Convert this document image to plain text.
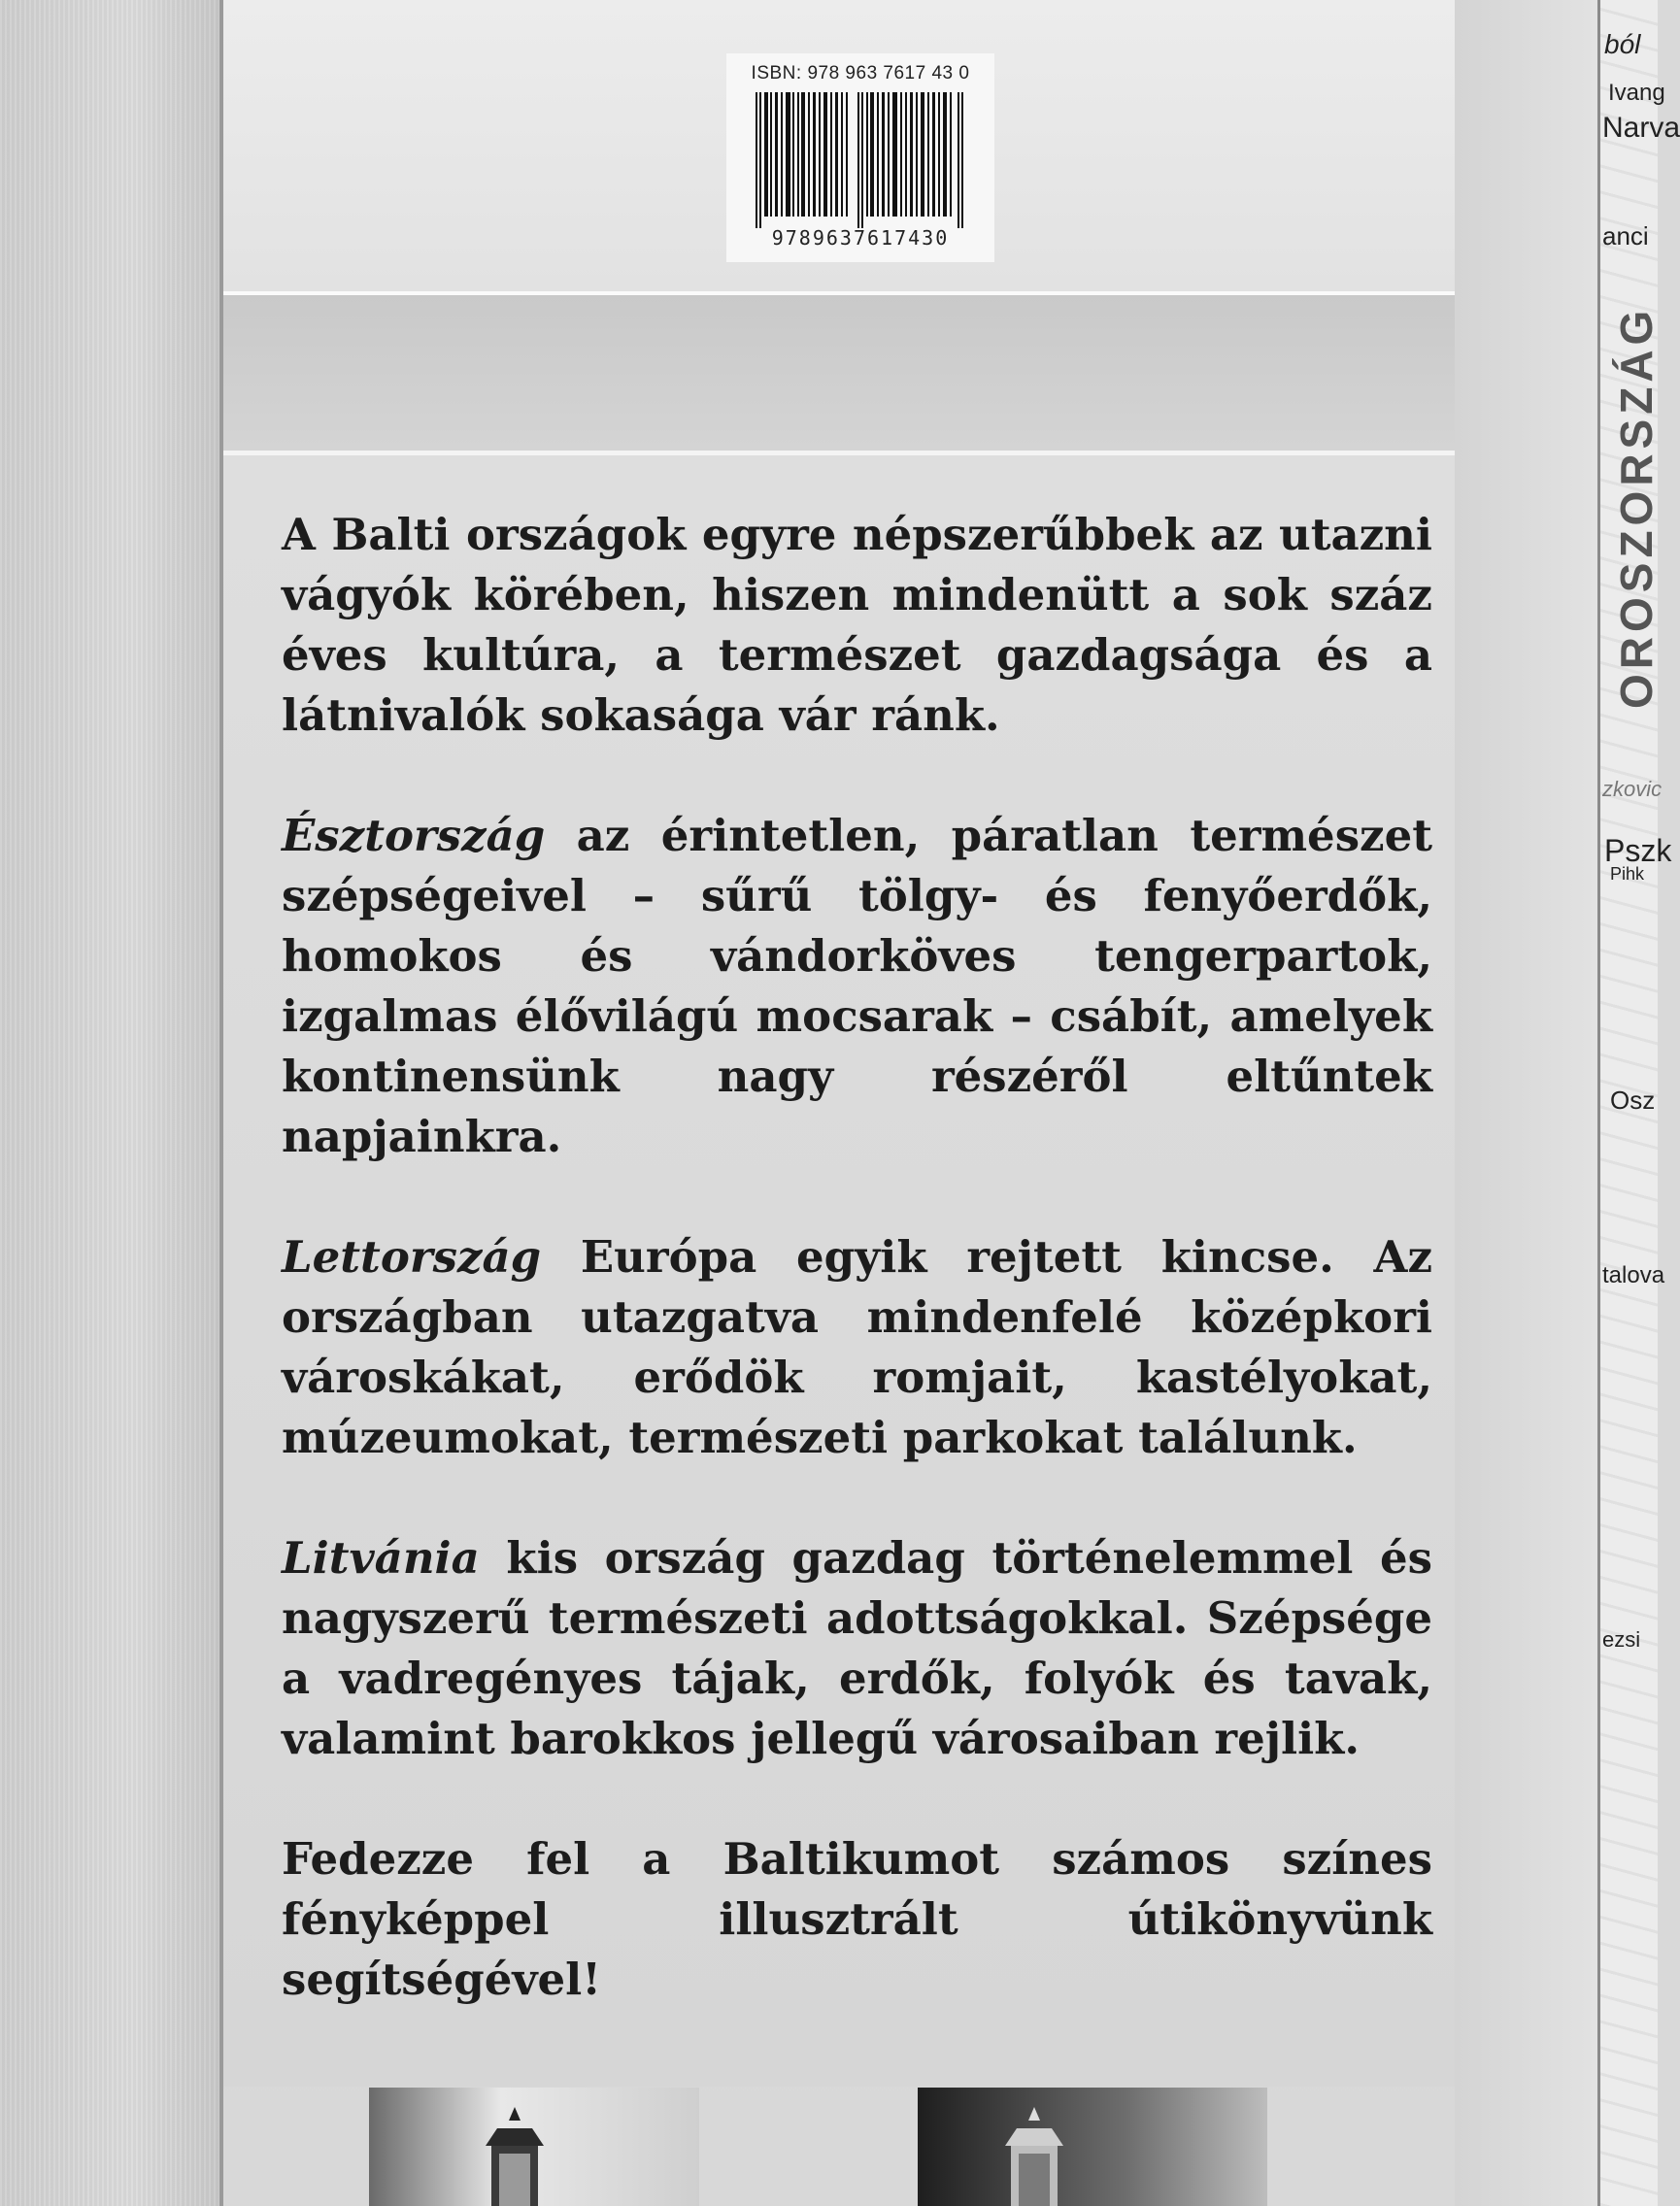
ISBN: 978 963 7617 43 0
9789637617430

A Balti országok egyre népszerűbbek az utazni vágyók körében, hiszen mindenütt a sok száz éves kultúra, a természet gazdagsága és a látnivalók sokasága vár ránk.

Észtország az érintetlen, páratlan természet szépségeivel – sűrű tölgy- és fenyőerdők, homokos és vándorköves tengerpartok, izgalmas élővilágú mocsarak – csábít, amelyek kontinensünk nagy részéről eltűntek napjainkra.

Lettország Európa egyik rejtett kincse. Az országban utazgatva mindenfelé középkori városkákat, erődök romjait, kastélyokat, múzeumokat, természeti parkokat találunk.

Litvánia kis ország gazdag történelemmel és nagyszerű természeti adottságokkal. Szépsége a vadregényes tájak, erdők, folyók és tavak, valamint barokkos jellegű városaiban rejlik.

Fedezze fel a Baltikumot számos színes fényképpel illusztrált útikönyvünk segítségével!

ból
Ivang
Narva
anci
OROSZORSZÁG
zkovic
Pszk
Pihk
Osz
talova
ezsi
